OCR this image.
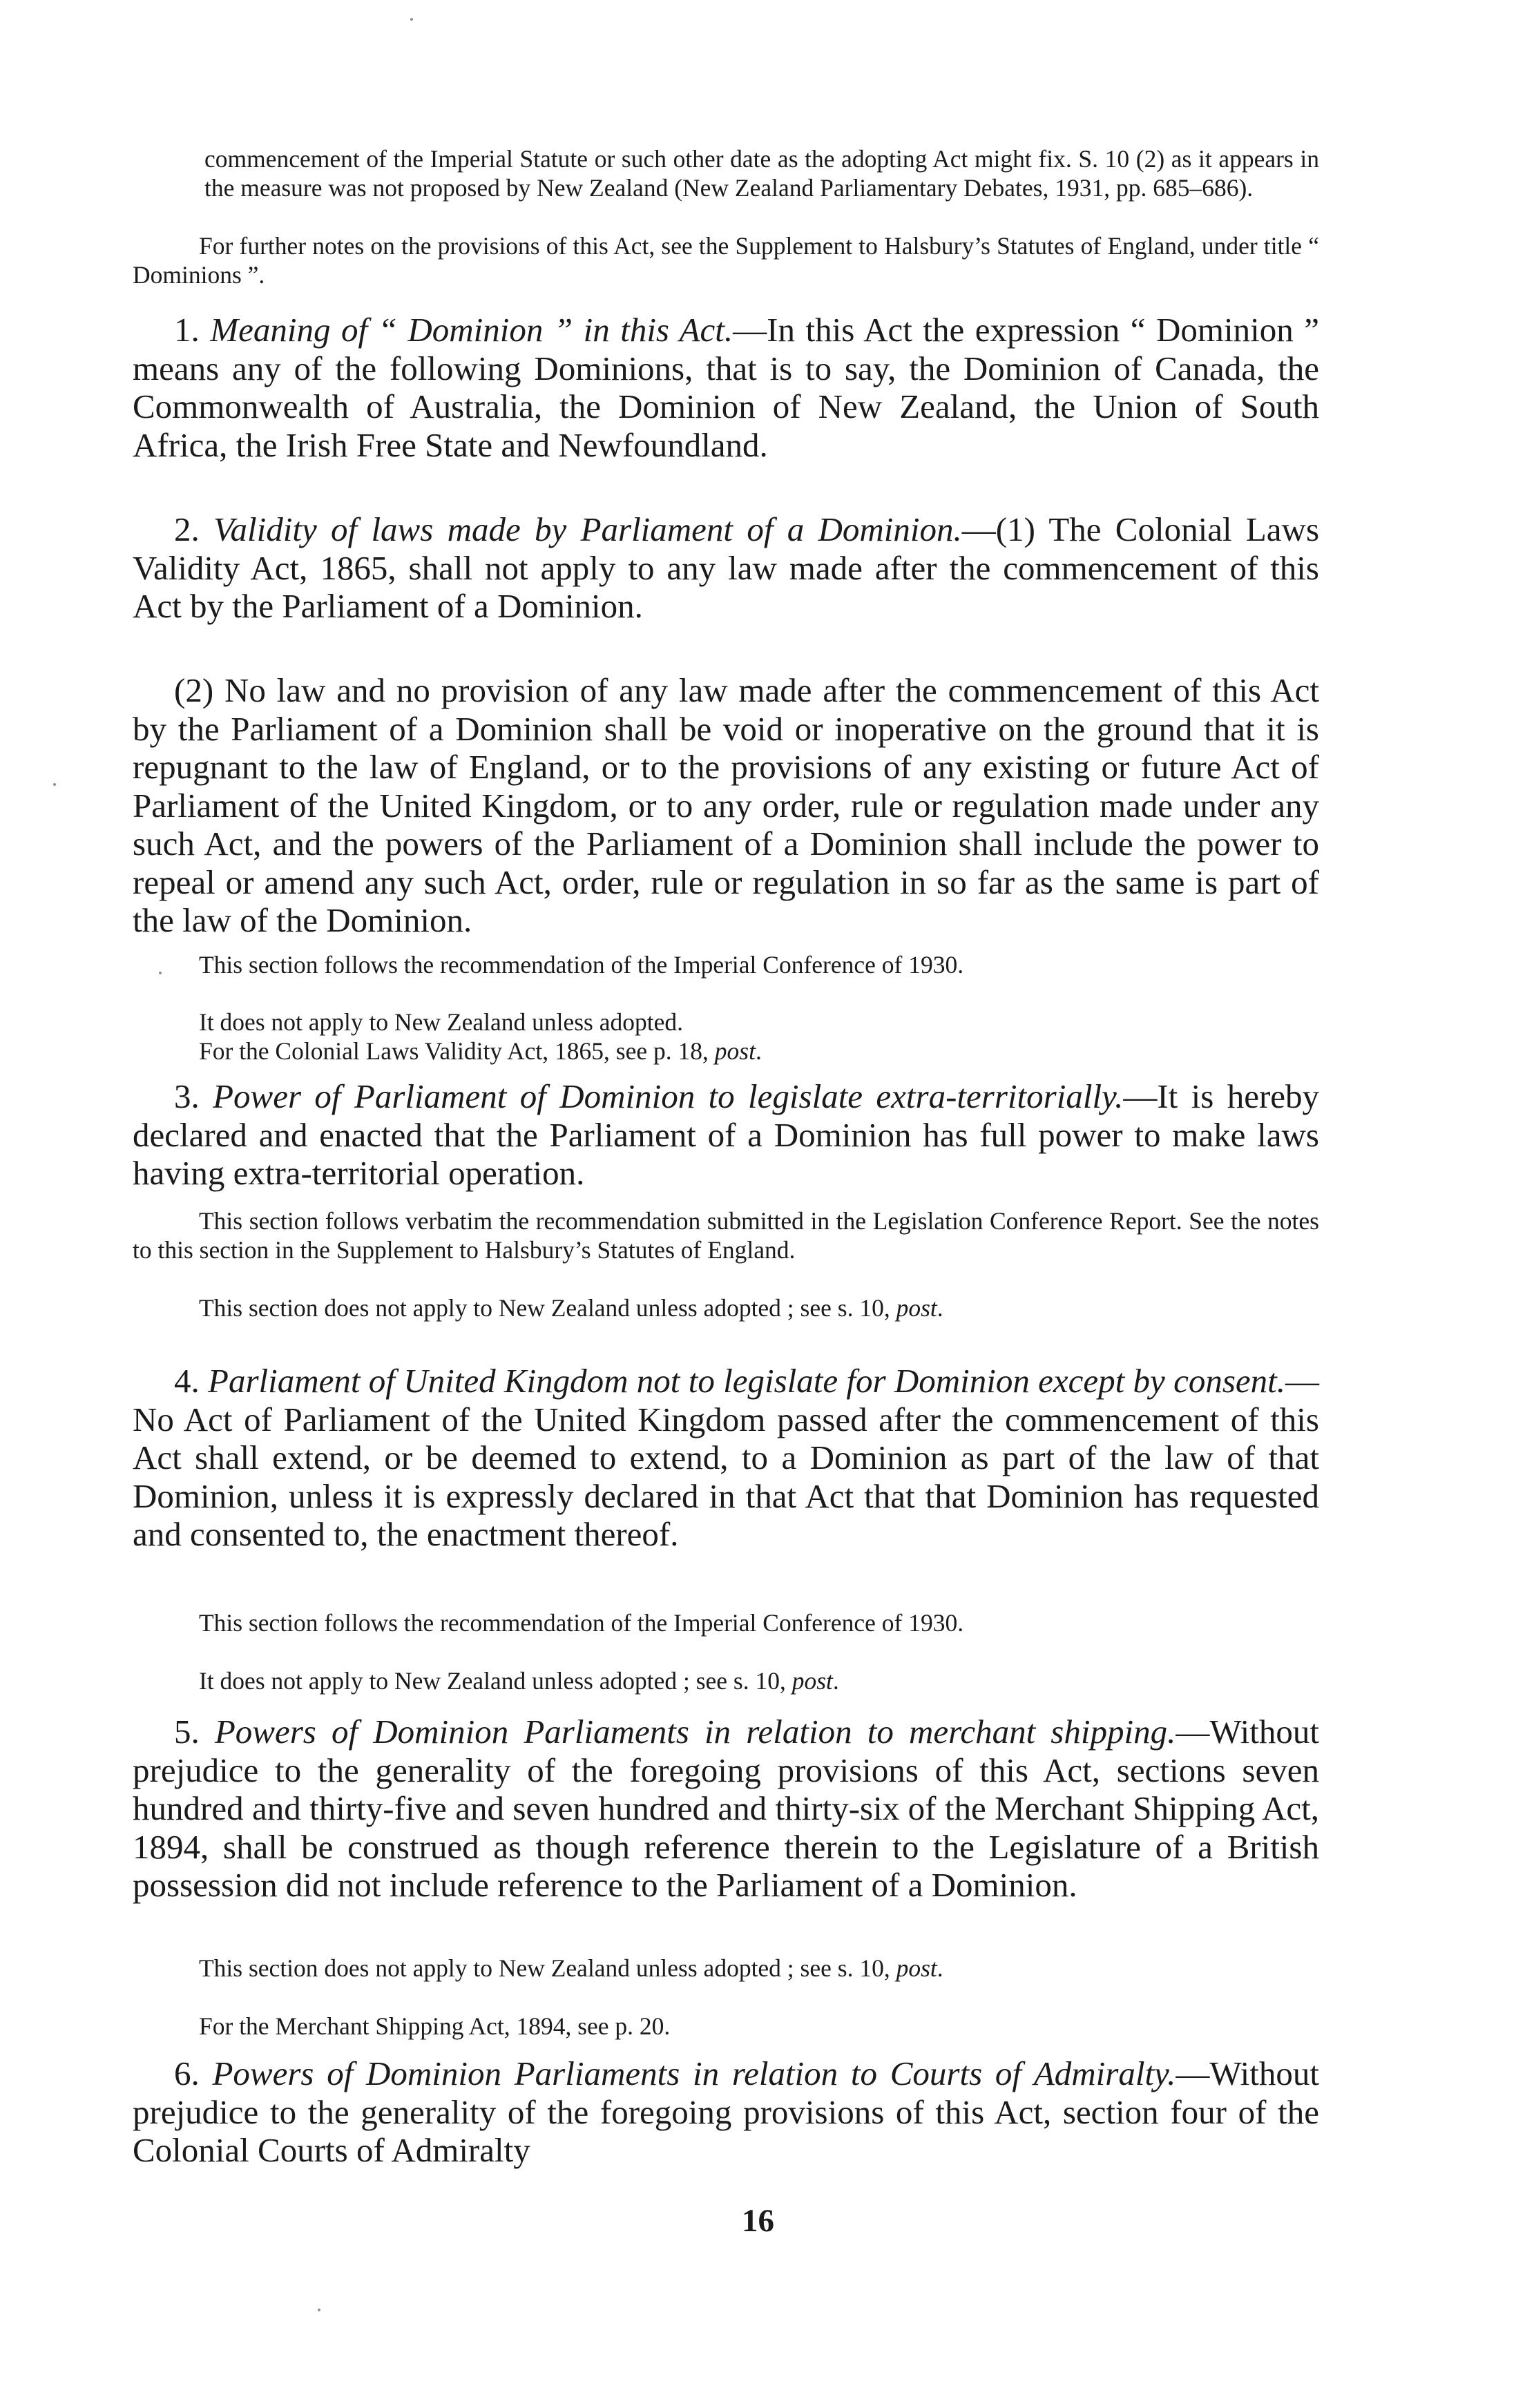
commencement of the Imperial Statute or such other date as the adopting Act might fix. S. 10 (2) as it appears in the measure was not proposed by New Zealand (New Zealand Parliamentary Debates, 1931, pp. 685–686).

For further notes on the provisions of this Act, see the Supplement to Halsbury’s Statutes of England, under title “ Dominions ”.

1. Meaning of “ Dominion ” in this Act.—In this Act the expression “ Dominion ” means any of the following Dominions, that is to say, the Dominion of Canada, the Commonwealth of Australia, the Dominion of New Zealand, the Union of South Africa, the Irish Free State and Newfoundland.

2. Validity of laws made by Parliament of a Dominion.—(1) The Colonial Laws Validity Act, 1865, shall not apply to any law made after the commencement of this Act by the Parliament of a Dominion.

(2) No law and no provision of any law made after the commencement of this Act by the Parliament of a Dominion shall be void or inoperative on the ground that it is repugnant to the law of England, or to the provisions of any existing or future Act of Parliament of the United Kingdom, or to any order, rule or regulation made under any such Act, and the powers of the Parliament of a Dominion shall include the power to repeal or amend any such Act, order, rule or regulation in so far as the same is part of the law of the Dominion.

This section follows the recommendation of the Imperial Conference of 1930.

It does not apply to New Zealand unless adopted.

For the Colonial Laws Validity Act, 1865, see p. 18, post.

3. Power of Parliament of Dominion to legislate extra-territorially.—It is hereby declared and enacted that the Parliament of a Dominion has full power to make laws having extra-territorial operation.

This section follows verbatim the recommendation submitted in the Legislation Conference Report. See the notes to this section in the Supplement to Halsbury’s Statutes of England.

This section does not apply to New Zealand unless adopted ; see s. 10, post.

4. Parliament of United Kingdom not to legislate for Dominion except by consent.—No Act of Parliament of the United Kingdom passed after the commencement of this Act shall extend, or be deemed to extend, to a Dominion as part of the law of that Dominion, unless it is expressly declared in that Act that that Dominion has requested and consented to, the enactment thereof.

This section follows the recommendation of the Imperial Conference of 1930.

It does not apply to New Zealand unless adopted ; see s. 10, post.

5. Powers of Dominion Parliaments in relation to merchant shipping.—Without prejudice to the generality of the foregoing provisions of this Act, sections seven hundred and thirty-five and seven hundred and thirty-six of the Merchant Shipping Act, 1894, shall be construed as though reference therein to the Legislature of a British possession did not include reference to the Parliament of a Dominion.

This section does not apply to New Zealand unless adopted ; see s. 10, post.

For the Merchant Shipping Act, 1894, see p. 20.

6. Powers of Dominion Parliaments in relation to Courts of Admiralty.—Without prejudice to the generality of the foregoing provisions of this Act, section four of the Colonial Courts of Admiralty

16
